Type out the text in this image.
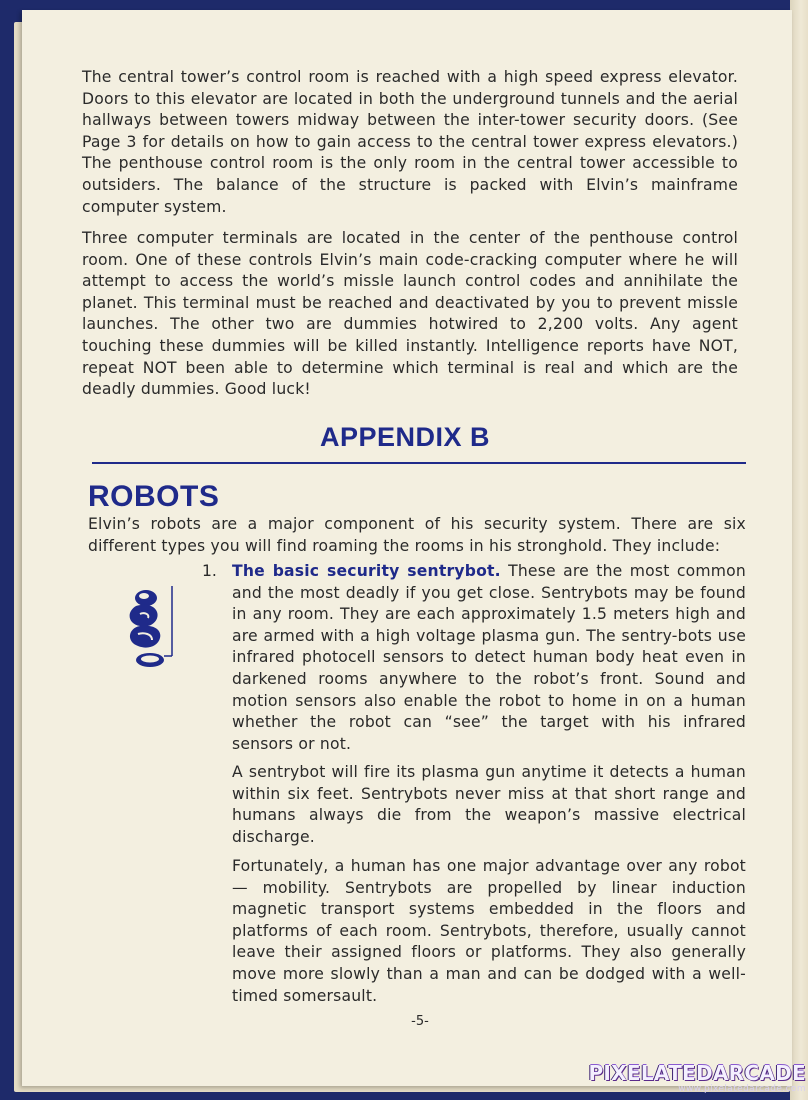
The central tower’s control room is reached with a high speed express elevator. Doors to this elevator are located in both the underground tunnels and the aerial hallways between towers midway between the inter-tower security doors. (See Page 3 for details on how to gain access to the central tower express elevators.) The penthouse control room is the only room in the central tower accessible to outsiders. The balance of the structure is packed with Elvin’s mainframe computer system.

Three computer terminals are located in the center of the penthouse control room. One of these controls Elvin’s main code-cracking computer where he will attempt to access the world’s missle launch control codes and annihilate the planet. This terminal must be reached and deactivated by you to prevent missle launches. The other two are dummies hotwired to 2,200 volts. Any agent touching these dummies will be killed instantly. Intelligence reports have NOT, repeat NOT been able to determine which terminal is real and which are the deadly dummies. Good luck!

APPENDIX B
ROBOTS

Elvin’s robots are a major component of his security system. There are six different types you will find roaming the rooms in his stronghold. They include:

1. The basic security sentrybot. These are the most common and the most deadly if you get close. Sentrybots may be found in any room. They are each approximately 1.5 meters high and are armed with a high voltage plasma gun. The sentry-bots use infrared photocell sensors to detect human body heat even in darkened rooms anywhere to the robot’s front. Sound and motion sensors also enable the robot to home in on a human whether the robot can “see” the target with his infrared sensors or not.

A sentrybot will fire its plasma gun anytime it detects a human within six feet. Sentrybots never miss at that short range and humans always die from the weapon’s massive electrical discharge.

Fortunately, a human has one major advantage over any robot — mobility. Sentrybots are propelled by linear induction magnetic transport systems embedded in the floors and platforms of each room. Sentrybots, therefore, usually cannot leave their assigned floors or platforms. They also generally move more slowly than a man and can be dodged with a well-timed somersault.

-5-
PIXELATEDARCADE
www.pixelatedarcade.com
